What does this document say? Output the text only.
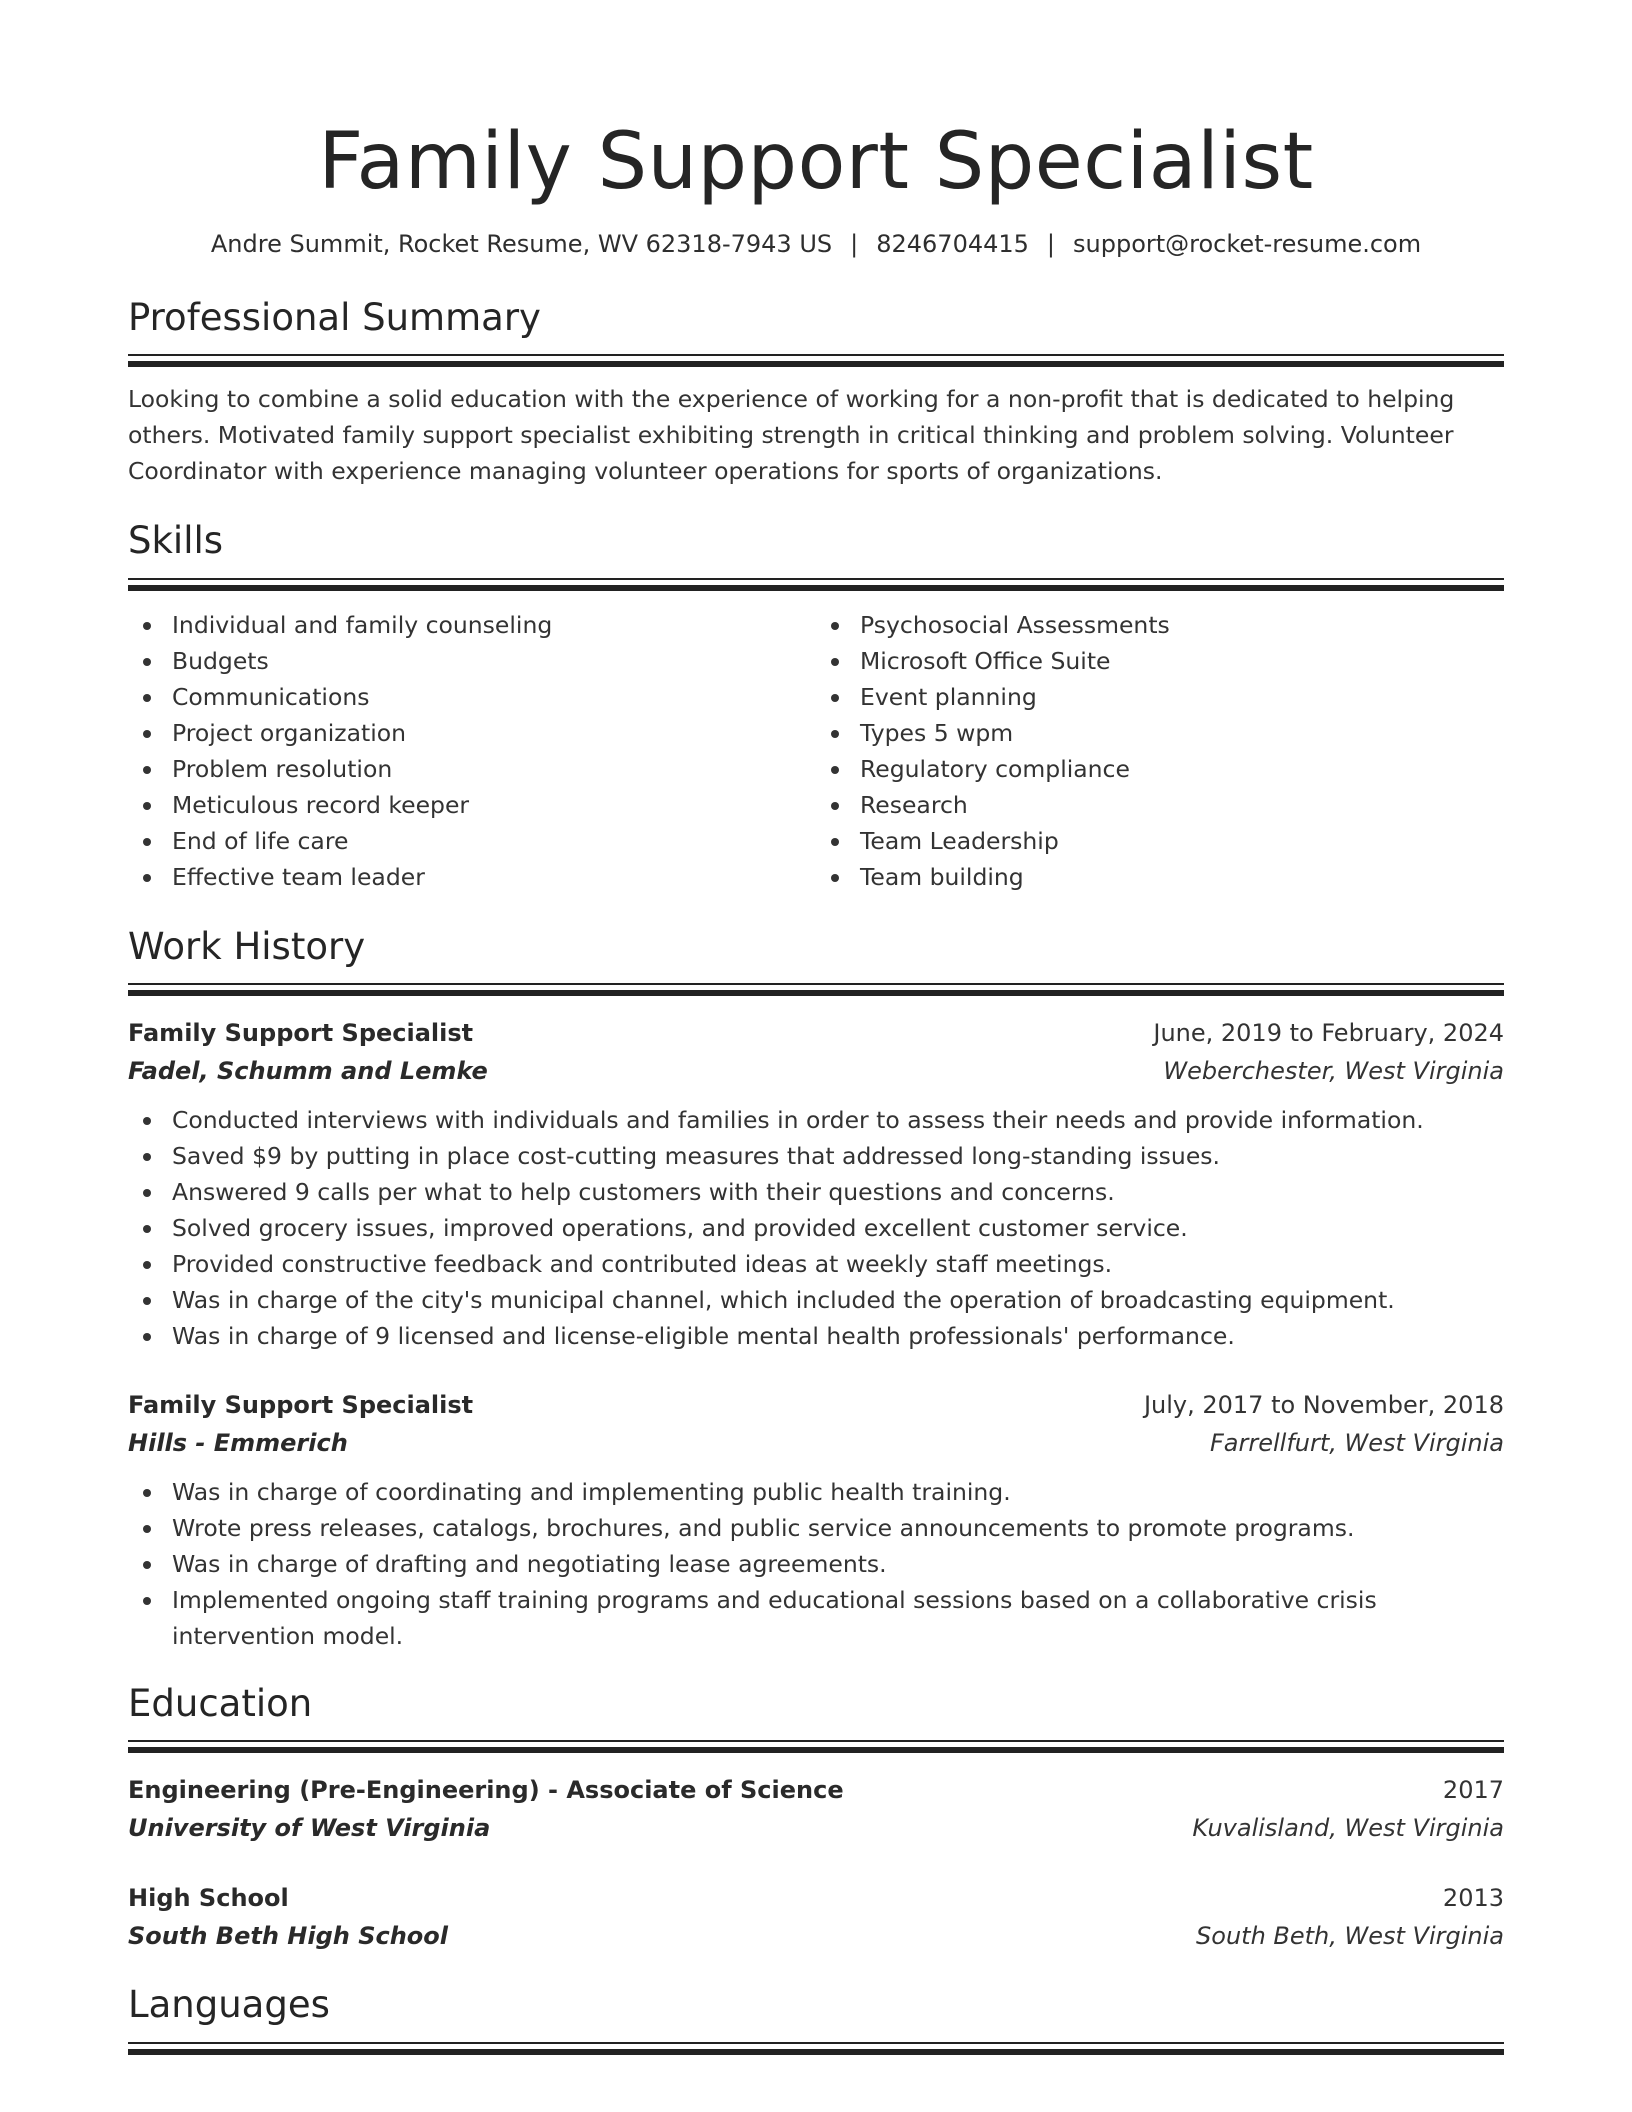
Family Support Specialist
Andre Summit, Rocket Resume, WV 62318-7943 US | 8246704415 | support@rocket-resume.com
Professional Summary

Looking to combine a solid education with the experience of working for a non-profit that is dedicated to helping others. Motivated family support specialist exhibiting strength in critical thinking and problem solving. Volunteer Coordinator with experience managing volunteer operations for sports of organizations.

Skills
Individual and family counseling
Budgets
Communications
Project organization
Problem resolution
Meticulous record keeper
End of life care
Effective team leader
Psychosocial Assessments
Microsoft Office Suite
Event planning
Types 5 wpm
Regulatory compliance
Research
Team Leadership
Team building
Work History
Family Support Specialist	June, 2019 to February, 2024
Fadel, Schumm and Lemke	Weberchester, West Virginia
Conducted interviews with individuals and families in order to assess their needs and provide information.
Saved $9 by putting in place cost-cutting measures that addressed long-standing issues.
Answered 9 calls per what to help customers with their questions and concerns.
Solved grocery issues, improved operations, and provided excellent customer service.
Provided constructive feedback and contributed ideas at weekly staff meetings.
Was in charge of the city's municipal channel, which included the operation of broadcasting equipment.
Was in charge of 9 licensed and license-eligible mental health professionals' performance.
Family Support Specialist	July, 2017 to November, 2018
Hills - Emmerich	Farrellfurt, West Virginia
Was in charge of coordinating and implementing public health training.
Wrote press releases, catalogs, brochures, and public service announcements to promote programs.
Was in charge of drafting and negotiating lease agreements.
Implemented ongoing staff training programs and educational sessions based on a collaborative crisis intervention model.
Education
Engineering (Pre-Engineering) - Associate of Science	2017
University of West Virginia	Kuvalisland, West Virginia
High School	2013
South Beth High School	South Beth, West Virginia
Languages
